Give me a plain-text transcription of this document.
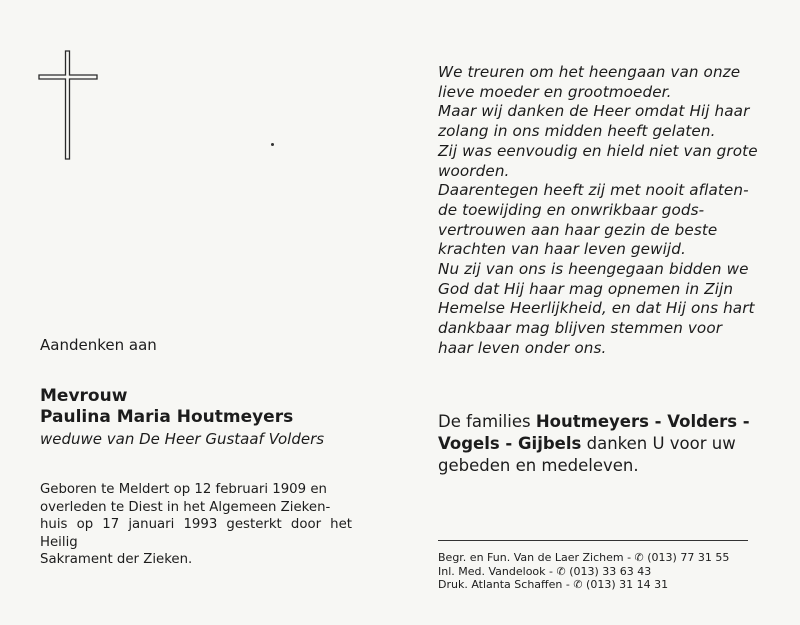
We treuren om het heengaan van onze
lieve moeder en grootmoeder.
Maar wij danken de Heer omdat Hij haar
zolang in ons midden heeft gelaten.
Zij was eenvoudig en hield niet van grote
woorden.
Daarentegen heeft zij met nooit aflaten-
de toewijding en onwrikbaar gods-
vertrouwen aan haar gezin de beste
krachten van haar leven gewijd.
Nu zij van ons is heengegaan bidden we
God dat Hij haar mag opnemen in Zijn
Hemelse Heerlijkheid, en dat Hij ons hart
dankbaar mag blijven stemmen voor
haar leven onder ons.
Aandenken aan
Mevrouw
Paulina Maria Houtmeyers
weduwe van De Heer Gustaaf Volders
Geboren te Meldert op 12 februari 1909 en
overleden te Diest in het Algemeen Zieken-
huis op 17 januari 1993 gesterkt door het Heilig
Sakrament der Zieken.
De families Houtmeyers - Volders -
Vogels - Gijbels danken U voor uw
gebeden en medeleven.
Begr. en Fun. Van de Laer Zichem - ✆ (013) 77 31 55
Inl. Med. Vandelook - ✆ (013) 33 63 43
Druk. Atlanta Schaffen - ✆ (013) 31 14 31
